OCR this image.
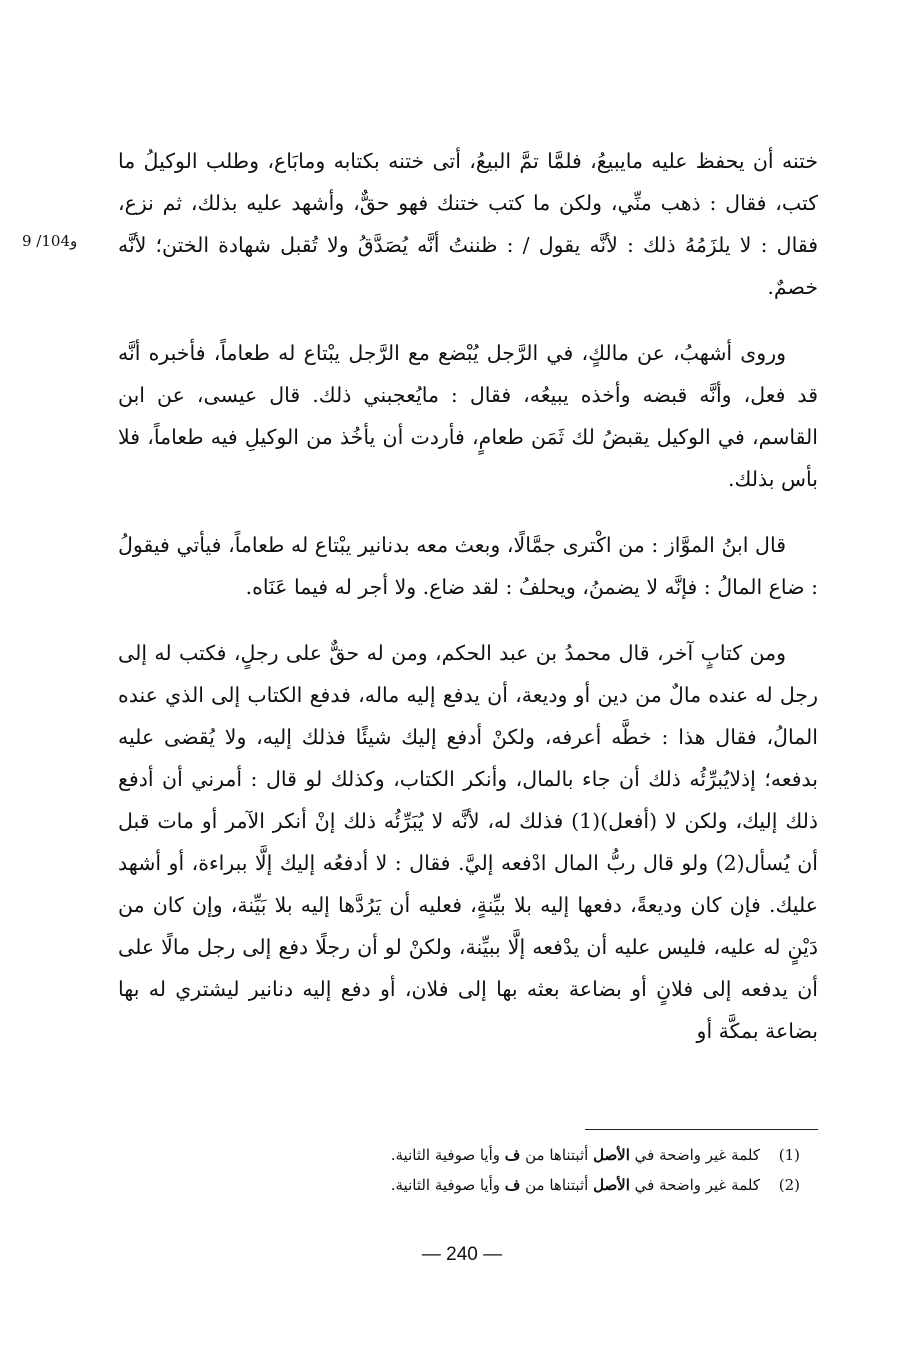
9 /104و

ختنه أن يحفظ عليه مايبيعُ، فلمَّا تمَّ البيعُ، أتى ختنه بكتابه ومابَاع، وطلب الوكيلُ ما كتب، فقال : ذهب منِّي، ولكن ما كتب ختنك فهو حقٌّ، وأشهد عليه بذلك، ثم نزع، فقال : لا يلزَمُهُ ذلك : لأنَّه يقول / : ظننتُ أنَّه يُصَدَّقُ ولا تُقبل شهادة الختن؛ لأنَّه خصمٌ.

وروى أشهبُ، عن مالكٍ، في الرَّجل يُبْضع مع الرَّجل يبْتاع له طعاماً، فأخبره أنَّه قد فعل، وأنَّه قبضه وأخذه يبيعُه، فقال : مايُعجبني ذلك. قال عيسى، عن ابن القاسم، في الوكيل يقبضُ لك ثَمَن طعامٍ، فأردت أن يأخُذ من الوكيلِ فيه طعاماً، فلا بأس بذلك.

قال ابنُ الموَّاز : من اكْترى جمَّالًا، وبعث معه بدنانير يبْتاع له طعاماً، فيأتي فيقولُ : ضاع المالُ : فإنَّه لا يضمنُ، ويحلفُ : لقد ضاع. ولا أجر له فيما عَنَاه.

ومن كتابٍ آخر، قال محمدُ بن عبد الحكم، ومن له حقٌّ على رجلٍ، فكتب له إلى رجل له عنده مالٌ من دين أو وديعة، أن يدفع إليه ماله، فدفع الكتاب إلى الذي عنده المالُ، فقال هذا : خطَّه أعرفه، ولكنْ أدفع إليك شيئًا فذلك إليه، ولا يُقضى عليه بدفعه؛ إذلايُبرِّئُه ذلك أن جاء بالمال، وأنكر الكتاب، وكذلك لو قال : أمرني أن أدفع ذلك إليك، ولكن لا (أفعل)(1) فذلك له، لأنَّه لا يُبَرِّئُه ذلك إنْ أنكر الآمر أو مات قبل أن يُسأل(2) ولو قال ربُّ المال ادْفعه إليَّ. فقال : لا أدفعُه إليك إلَّا ببراءة، أو أشهد عليك. فإن كان وديعةً، دفعها إليه بلا بيِّنةٍ، فعليه أن يَرُدَّها إليه بلا بَيِّنة، وإن كان من دَيْنٍ له عليه، فليس عليه أن يدْفعه إلَّا ببيِّنة، ولكنْ لو أن رجلًا دفع إلى رجل مالًا على أن يدفعه إلى فلانٍ أو بضاعة بعثه بها إلى فلان، أو دفع إليه دنانير ليشتري له بها بضاعة بمكَّة أو

(1)
كلمة غير واضحة في الأصل أثبتناها من ف وأيا صوفية الثانية.
(2)
كلمة غير واضحة في الأصل أثبتناها من ف وأيا صوفية الثانية.
— 240 —
